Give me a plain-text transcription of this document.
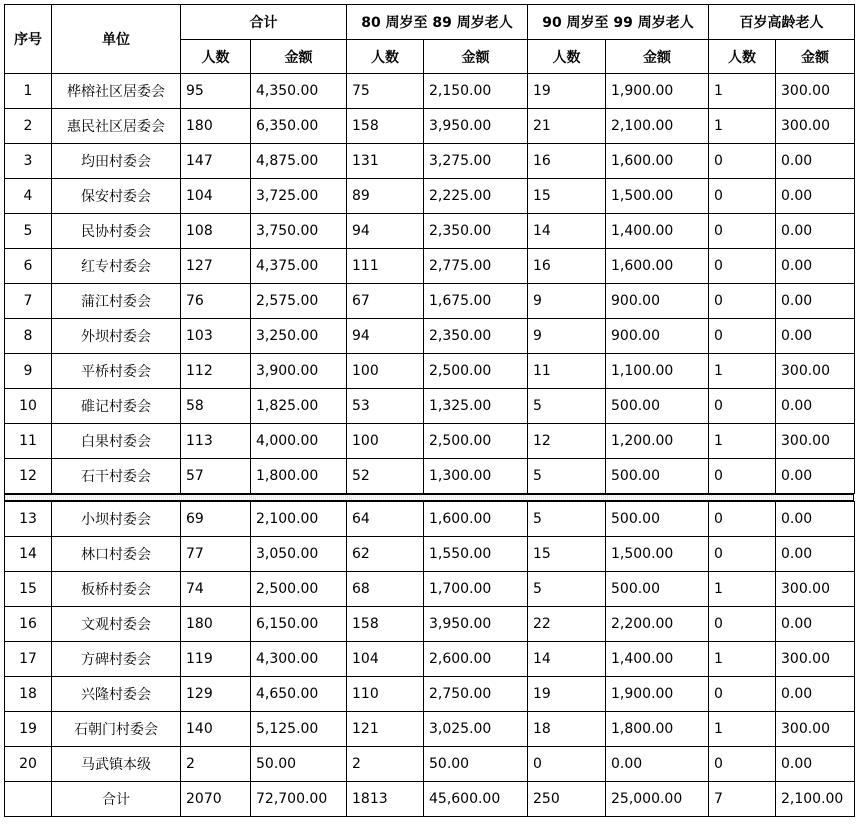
序号	单位	合计		80 周岁至 89 周岁老人		90 周岁至 99 周岁老人		百岁高龄老人	
		人数	金额	人数	金额	人数	金额	人数	金额
1	桦榕社区居委会	95	4,350.00	75	2,150.00	19	1,900.00	1	300.00
2	惠民社区居委会	180	6,350.00	158	3,950.00	21	2,100.00	1	300.00
3	均田村委会	147	4,875.00	131	3,275.00	16	1,600.00	0	0.00
4	保安村委会	104	3,725.00	89	2,225.00	15	1,500.00	0	0.00
5	民协村委会	108	3,750.00	94	2,350.00	14	1,400.00	0	0.00
6	红专村委会	127	4,375.00	111	2,775.00	16	1,600.00	0	0.00
7	蒲江村委会	76	2,575.00	67	1,675.00	9	900.00	0	0.00
8	外坝村委会	103	3,250.00	94	2,350.00	9	900.00	0	0.00
9	平桥村委会	112	3,900.00	100	2,500.00	11	1,100.00	1	300.00
10	碓记村委会	58	1,825.00	53	1,325.00	5	500.00	0	0.00
11	白果村委会	113	4,000.00	100	2,500.00	12	1,200.00	1	300.00
12	石干村委会	57	1,800.00	52	1,300.00	5	500.00	0	0.00
13	小坝村委会	69	2,100.00	64	1,600.00	5	500.00	0	0.00
14	林口村委会	77	3,050.00	62	1,550.00	15	1,500.00	0	0.00
15	板桥村委会	74	2,500.00	68	1,700.00	5	500.00	1	300.00
16	文观村委会	180	6,150.00	158	3,950.00	22	2,200.00	0	0.00
17	方碑村委会	119	4,300.00	104	2,600.00	14	1,400.00	1	300.00
18	兴隆村委会	129	4,650.00	110	2,750.00	19	1,900.00	0	0.00
19	石朝门村委会	140	5,125.00	121	3,025.00	18	1,800.00	1	300.00
20	马武镇本级	2	50.00	2	50.00	0	0.00	0	0.00
	合计	2070	72,700.00	1813	45,600.00	250	25,000.00	7	2,100.00
